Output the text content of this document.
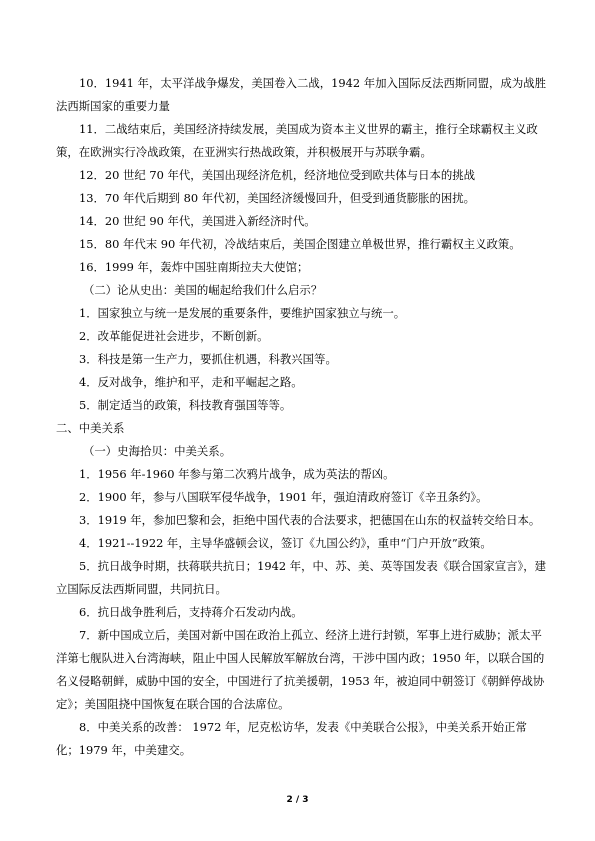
10．1941 年，太平洋战争爆发，美国卷入二战，1942 年加入国际反法西斯同盟，成为战胜法西斯国家的重要力量

11．二战结束后，美国经济持续发展，美国成为资本主义世界的霸主，推行全球霸权主义政策，在欧洲实行冷战政策，在亚洲实行热战政策，并积极展开与苏联争霸。

12．20 世纪 70 年代，美国出现经济危机，经济地位受到欧共体与日本的挑战

13．70 年代后期到 80 年代初，美国经济缓慢回升，但受到通货膨胀的困扰。

14．20 世纪 90 年代，美国进入新经济时代。

15．80 年代末 90 年代初，冷战结束后，美国企图建立单极世界，推行霸权主义政策。

16．1999 年，轰炸中国驻南斯拉夫大使馆；

（二）论从史出：美国的崛起给我们什么启示？

1．国家独立与统一是发展的重要条件，要维护国家独立与统一。

2．改革能促进社会进步，不断创新。

3．科技是第一生产力，要抓住机遇，科教兴国等。

4．反对战争，维护和平，走和平崛起之路。

5．制定适当的政策，科技教育强国等等。

二、中美关系

（一）史海拾贝：中美关系。

1．1956 年-1960 年参与第二次鸦片战争，成为英法的帮凶。

2．1900 年，参与八国联军侵华战争，1901 年，强迫清政府签订《辛丑条约》。

3．1919 年，参加巴黎和会，拒绝中国代表的合法要求，把德国在山东的权益转交给日本。

4．1921--1922 年，主导华盛顿会议，签订《九国公约》，重申“门户开放”政策。

5．抗日战争时期，扶蒋联共抗日；1942 年，中、苏、美、英等国发表《联合国家宣言》，建立国际反法西斯同盟，共同抗日。

6．抗日战争胜利后，支持蒋介石发动内战。

7．新中国成立后，美国对新中国在政治上孤立、经济上进行封锁，军事上进行威胁；派太平洋第七舰队进入台湾海峡，阻止中国人民解放军解放台湾，干涉中国内政；1950 年，以联合国的名义侵略朝鲜，威胁中国的安全，中国进行了抗美援朝，1953 年，被迫同中朝签订《朝鲜停战协定》；美国阻挠中国恢复在联合国的合法席位。

8．中美关系的改善： 1972 年，尼克松访华，发表《中美联合公报》，中美关系开始正常化；1979 年，中美建交。

2 / 3
